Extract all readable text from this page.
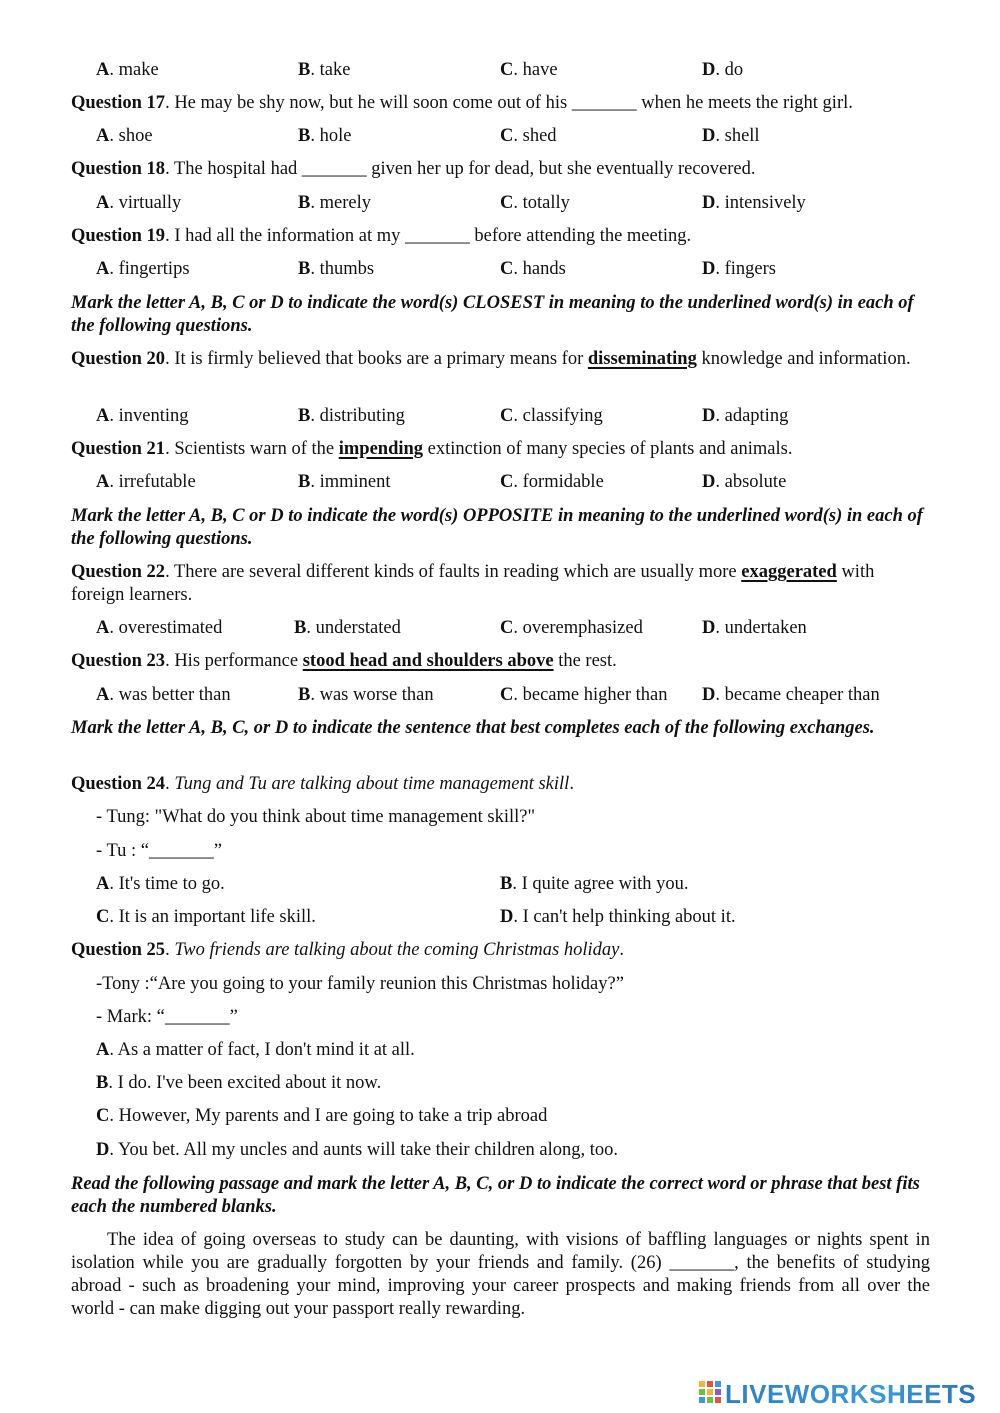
A. make	B. take	C. have	D. do
Question 17. He may be shy now, but he will soon come out of his _______ when he meets the right girl.
A. shoe	B. hole	C. shed	D. shell
Question 18. The hospital had _______ given her up for dead, but she eventually recovered.
A. virtually	B. merely	C. totally	D. intensively
Question 19. I had all the information at my _______ before attending the meeting.
A. fingertips	B. thumbs	C. hands	D. fingers
Mark the letter A, B, C or D to indicate the word(s) CLOSEST in meaning to the underlined word(s) in each of the following questions.
Question 20. It is firmly believed that books are a primary means for disseminating knowledge and information.
A. inventing	B. distributing	C. classifying	D. adapting
Question 21. Scientists warn of the impending extinction of many species of plants and animals.
A. irrefutable	B. imminent	C. formidable	D. absolute
Mark the letter A, B, C or D to indicate the word(s) OPPOSITE in meaning to the underlined word(s) in each of the following questions.
Question 22. There are several different kinds of faults in reading which are usually more exaggerated with foreign learners.
A. overestimated	B. understated	C. overemphasized	D. undertaken
Question 23. His performance stood head and shoulders above the rest.
A. was better than	B. was worse than	C. became higher than D. became cheaper than
Mark the letter A, B, C, or D to indicate the sentence that best completes each of the following exchanges.
Question 24. Tung and Tu are talking about time management skill.
- Tung: "What do you think about time management skill?"
- Tu : “_______”
A. It's time to go.	B. I quite agree with you.
C. It is an important life skill.	D. I can't help thinking about it.
Question 25. Two friends are talking about the coming Christmas holiday.
-Tony :“Are you going to your family reunion this Christmas holiday?”
- Mark: “_______”
A. As a matter of fact, I don't mind it at all.
B. I do. I've been excited about it now.
C. However, My parents and I are going to take a trip abroad
D. You bet. All my uncles and aunts will take their children along, too.
Read the following passage and mark the letter A, B, C, or D to indicate the correct word or phrase that best fits each the numbered blanks.
The idea of going overseas to study can be daunting, with visions of baffling languages or nights spent in isolation while you are gradually forgotten by your friends and family. (26) _______, the benefits of studying abroad - such as broadening your mind, improving your career prospects and making friends from all over the world - can make digging out your passport really rewarding.
LIVEWORKSHEETS
